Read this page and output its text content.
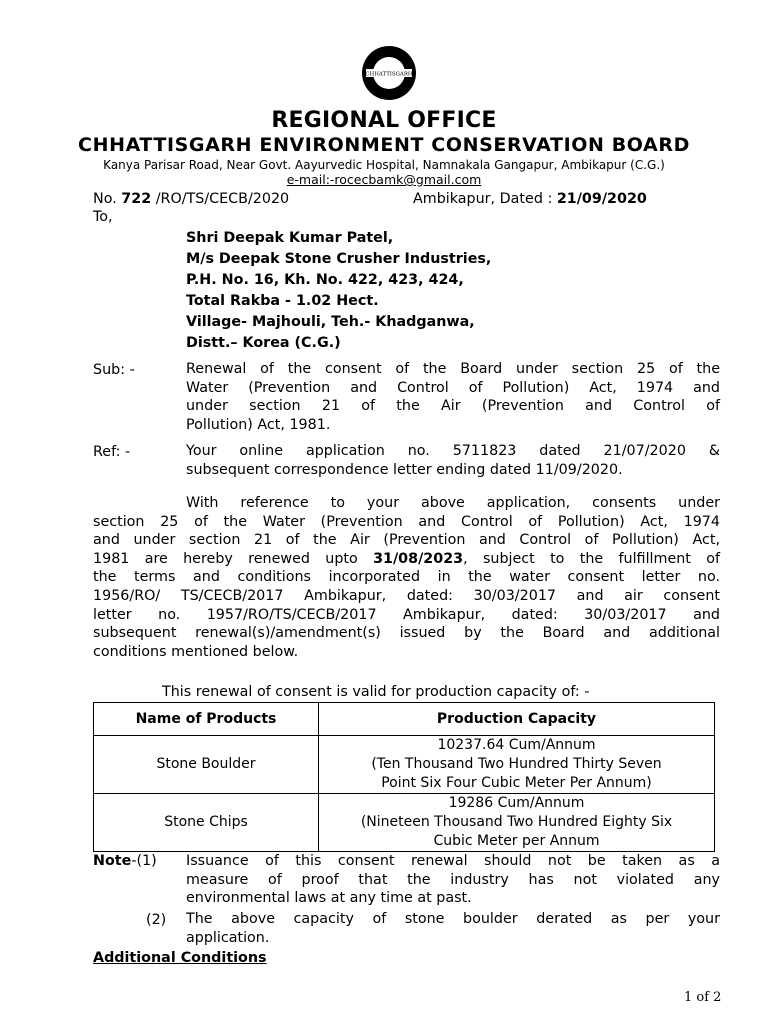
CHHATTISGARH
REGIONAL OFFICE
CHHATTISGARH ENVIRONMENT CONSERVATION BOARD
Kanya Parisar Road, Near Govt. Aayurvedic Hospital, Namnakala Gangapur, Ambikapur (C.G.)
e-mail:-rocecbamk@gmail.com
No. 722 /RO/TS/CECB/2020	Ambikapur, Dated : 21/09/2020
To,
Shri Deepak Kumar Patel,
M/s Deepak Stone Crusher Industries,
P.H. No. 16, Kh. No. 422, 423, 424,
Total Rakba - 1.02 Hect.
Village- Majhouli, Teh.- Khadganwa,
Distt.– Korea (C.G.)
Sub: -	Renewal of the consent of the Board under section 25 of the
Water (Prevention and Control of Pollution) Act, 1974 and
under section 21 of the Air (Prevention and Control of
Pollution) Act, 1981.
Ref: -	Your online application no. 5711823 dated 21/07/2020 &
subsequent correspondence letter ending dated 11/09/2020.
With reference to your above application, consents under
section 25 of the Water (Prevention and Control of Pollution) Act, 1974
and under section 21 of the Air (Prevention and Control of Pollution) Act,
1981 are hereby renewed upto 31/08/2023, subject to the fulfillment of
the terms and conditions incorporated in the water consent letter no.
1956/RO/ TS/CECB/2017 Ambikapur, dated: 30/03/2017 and air consent
letter no. 1957/RO/TS/CECB/2017 Ambikapur, dated: 30/03/2017 and
subsequent renewal(s)/amendment(s) issued by the Board and additional
conditions mentioned below.
This renewal of consent is valid for production capacity of: -
Name of Products	Production Capacity
Stone Boulder	10237.64 Cum/Annum
(Ten Thousand Two Hundred Thirty Seven
Point Six Four Cubic Meter Per Annum)

Stone Chips	19286 Cum/Annum
(Nineteen Thousand Two Hundred Eighty Six
Cubic Meter per Annum
Note-(1) Issuance of this consent renewal should not be taken as a
measure of proof that the industry has not violated any
environmental laws at any time at past.
(2) The above capacity of stone boulder derated as per your
application.
Additional Conditions
1 of 2
